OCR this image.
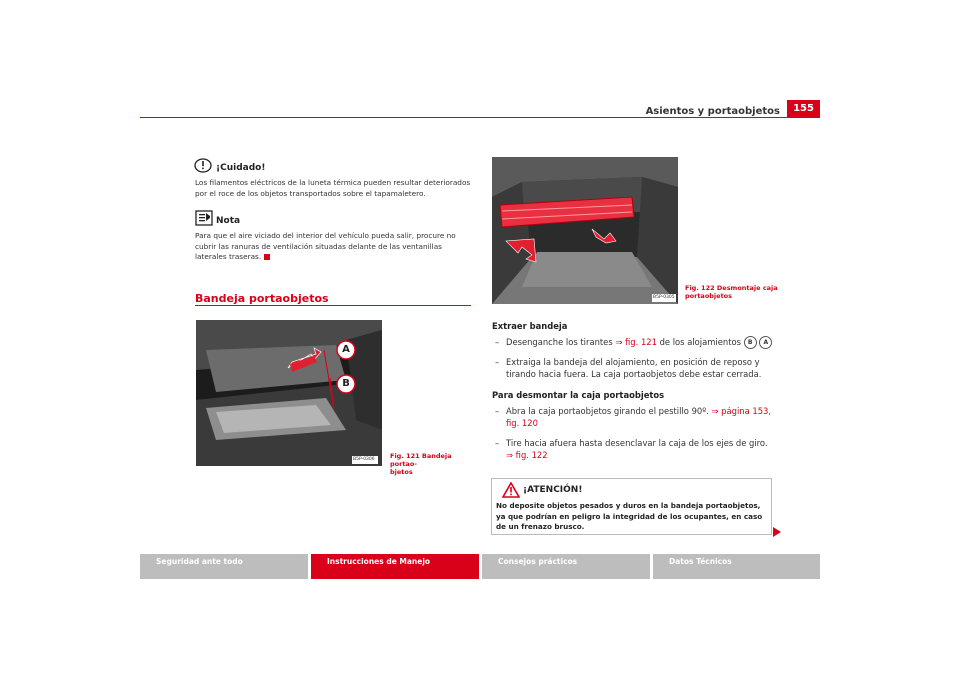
Asientos y portaobjetos	155
¡Cuidado!
Los filamentos eléctricos de la luneta térmica pueden resultar deteriorados por el roce de los objetos transportados sobre el tapamaletero.
Nota
Para que el aire viciado del interior del vehículo pueda salir, procure no cubrir las ranuras de ventilación situadas delante de las ventanillas laterales traseras.
Bandeja portaobjetos
A
B
B5P-0306 Fig. 121 Bandeja portao-
bjetos
B5P-0305
Fig. 122 Desmontaje caja
portaobjetos
Extraer bandeja
– Desenganche los tirantes ⇒ fig. 121 de los alojamientos B A
– Extraiga la bandeja del alojamiento, en posición de reposo y tirando hacia fuera. La caja portaobjetos debe estar cerrada.
Para desmontar la caja portaobjetos
– Abra la caja portaobjetos girando el pestillo 90º. ⇒ página 153, fig. 120
– Tire hacia afuera hasta desenclavar la caja de los ejes de giro.
⇒ fig. 122
¡ATENCIÓN!
No deposite objetos pesados y duros en la bandeja portaobjetos, ya que podrían en peligro la integridad de los ocupantes, en caso de un frenazo brusco.
Seguridad ante todo	Instrucciones de Manejo	Consejos prácticos	Datos Técnicos
